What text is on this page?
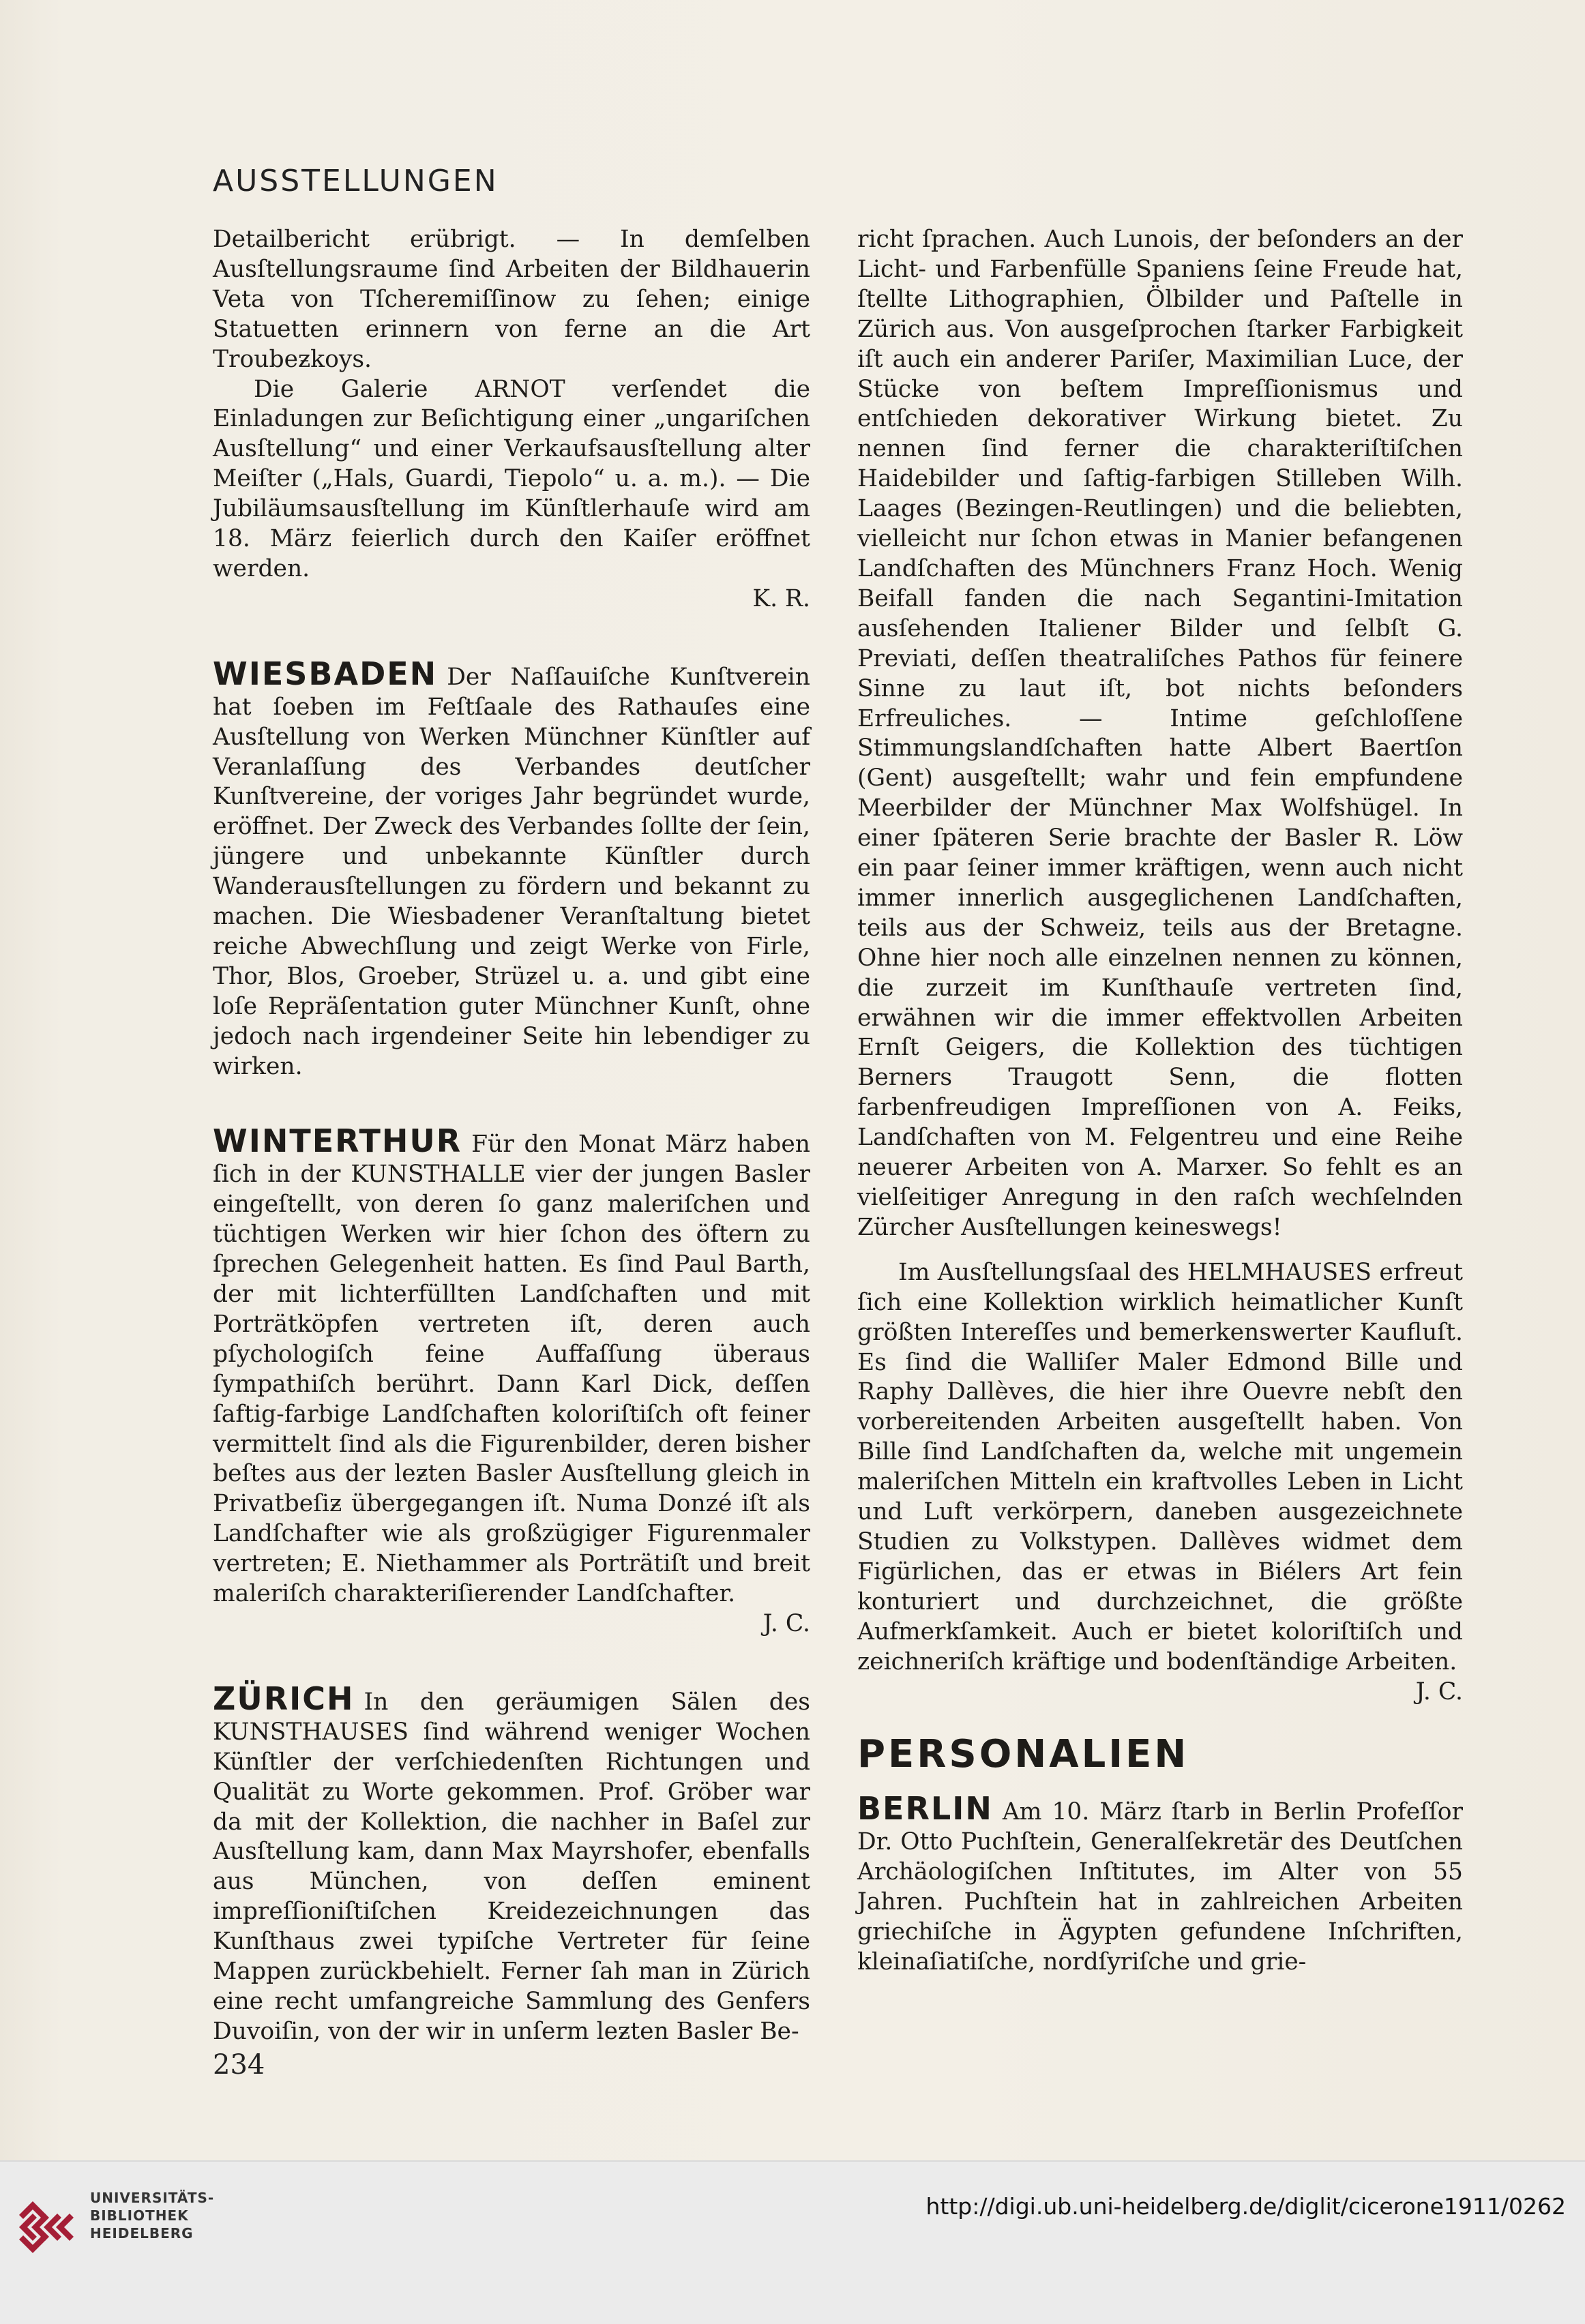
AUSSTELLUNGEN

Detailbericht erübrigt. — In demſelben Ausſtellungsraume ſind Arbeiten der Bildhauerin Veta von Tſcheremiſſinow zu ſehen; einige Statuetten erinnern von ferne an die Art Troubeƶkoys.

Die Galerie ARNOT verſendet die Einladungen zur Beſichtigung einer „ungariſchen Ausſtellung“ und einer Verkaufsausſtellung alter Meiſter („Hals, Guardi, Tiepolo“ u. a. m.). — Die Jubiläumsausſtellung im Künſtlerhauſe wird am 18. März feierlich durch den Kaiſer eröffnet werden.

K. R.

WIESBADEN Der Naſſauiſche Kunſtverein hat ſoeben im Feſtſaale des Rathauſes eine Ausſtellung von Werken Münchner Künſtler auf Veranlaſſung des Verbandes deutſcher Kunſtvereine, der voriges Jahr begründet wurde, eröffnet. Der Zweck des Verbandes ſollte der ſein, jüngere und unbekannte Künſtler durch Wanderausſtellungen zu fördern und bekannt zu machen. Die Wiesbadener Veranſtaltung bietet reiche Abwechſlung und zeigt Werke von Firle, Thor, Blos, Groeber, Strüƶel u. a. und gibt eine loſe Repräſentation guter Münchner Kunſt, ohne jedoch nach irgendeiner Seite hin lebendiger zu wirken.

WINTERTHUR Für den Monat März haben ſich in der KUNSTHALLE vier der jungen Basler eingeſtellt, von deren ſo ganz maleriſchen und tüchtigen Werken wir hier ſchon des öftern zu ſprechen Gelegenheit hatten. Es ſind Paul Barth, der mit lichterfüllten Landſchaften und mit Porträtköpfen vertreten iſt, deren auch pſychologiſch feine Auffaſſung überaus ſympathiſch berührt. Dann Karl Dick, deſſen ſaftig-farbige Landſchaften koloriſtiſch oft feiner vermittelt ſind als die Figurenbilder, deren bisher beſtes aus der leƶten Basler Ausſtellung gleich in Privatbeſiƶ übergegangen iſt. Numa Donzé iſt als Landſchafter wie als großzügiger Figurenmaler vertreten; E. Niethammer als Porträtiſt und breit maleriſch charakteriſierender Landſchafter.

J. C.

ZÜRICH In den geräumigen Sälen des KUNSTHAUSES ſind während weniger Wochen Künſtler der verſchiedenſten Richtungen und Qualität zu Worte gekommen. Prof. Gröber war da mit der Kollektion, die nachher in Baſel zur Ausſtellung kam, dann Max Mayrshofer, ebenfalls aus München, von deſſen eminent impreſſioniſtiſchen Kreidezeichnungen das Kunſthaus zwei typiſche Vertreter für ſeine Mappen zurückbehielt. Ferner ſah man in Zürich eine recht umfangreiche Sammlung des Genfers Duvoiſin, von der wir in unſerm leƶten Basler Be-

richt ſprachen. Auch Lunois, der beſonders an der Licht- und Farbenfülle Spaniens ſeine Freude hat, ſtellte Lithographien, Ölbilder und Paſtelle in Zürich aus. Von ausgeſprochen ſtarker Farbigkeit iſt auch ein anderer Pariſer, Maximilian Luce, der Stücke von beſtem Impreſſionismus und entſchieden dekorativer Wirkung bietet. Zu nennen ſind ferner die charakteriſtiſchen Haidebilder und ſaftig-farbigen Stilleben Wilh. Laages (Beƶingen-Reutlingen) und die beliebten, vielleicht nur ſchon etwas in Manier befangenen Landſchaften des Münchners Franz Hoch. Wenig Beifall fanden die nach Segantini-Imitation ausſehenden Italiener Bilder und ſelbſt G. Previati, deſſen theatraliſches Pathos für feinere Sinne zu laut iſt, bot nichts beſonders Erfreuliches. — Intime geſchloſſene Stimmungslandſchaften hatte Albert Baertſon (Gent) ausgeſtellt; wahr und fein empfundene Meerbilder der Münchner Max Wolfshügel. In einer ſpäteren Serie brachte der Basler R. Löw ein paar ſeiner immer kräftigen, wenn auch nicht immer innerlich ausgeglichenen Landſchaften, teils aus der Schweiz, teils aus der Bretagne. Ohne hier noch alle einzelnen nennen zu können, die zurzeit im Kunſthauſe vertreten ſind, erwähnen wir die immer effektvollen Arbeiten Ernſt Geigers, die Kollektion des tüchtigen Berners Traugott Senn, die flotten farbenfreudigen Impreſſionen von A. Feiks, Landſchaften von M. Felgentreu und eine Reihe neuerer Arbeiten von A. Marxer. So fehlt es an vielſeitiger Anregung in den raſch wechſelnden Zürcher Ausſtellungen keineswegs!

Im Ausſtellungsſaal des HELMHAUSES erfreut ſich eine Kollektion wirklich heimatlicher Kunſt größten Intereſſes und bemerkenswerter Kaufluſt. Es ſind die Walliſer Maler Edmond Bille und Raphy Dallèves, die hier ihre Ouevre nebſt den vorbereitenden Arbeiten ausgeſtellt haben. Von Bille ſind Landſchaften da, welche mit ungemein maleriſchen Mitteln ein kraftvolles Leben in Licht und Luft verkörpern, daneben ausgezeichnete Studien zu Volkstypen. Dallèves widmet dem Figürlichen, das er etwas in Biélers Art fein konturiert und durchzeichnet, die größte Aufmerkſamkeit. Auch er bietet koloriſtiſch und zeichneriſch kräftige und bodenſtändige Arbeiten.

J. C.

PERSONALIEN

BERLIN Am 10. März ſtarb in Berlin Profeſſor Dr. Otto Puchſtein, Generalſekretär des Deutſchen Archäologiſchen Inſtitutes, im Alter von 55 Jahren. Puchſtein hat in zahlreichen Arbeiten griechiſche in Ägypten gefundene Inſchriften, kleinaſiatiſche, nordſyriſche und grie-

234
UNIVERSITÄTS-
BIBLIOTHEK
HEIDELBERG
http://digi.ub.uni-heidelberg.de/diglit/cicerone1911/0262
